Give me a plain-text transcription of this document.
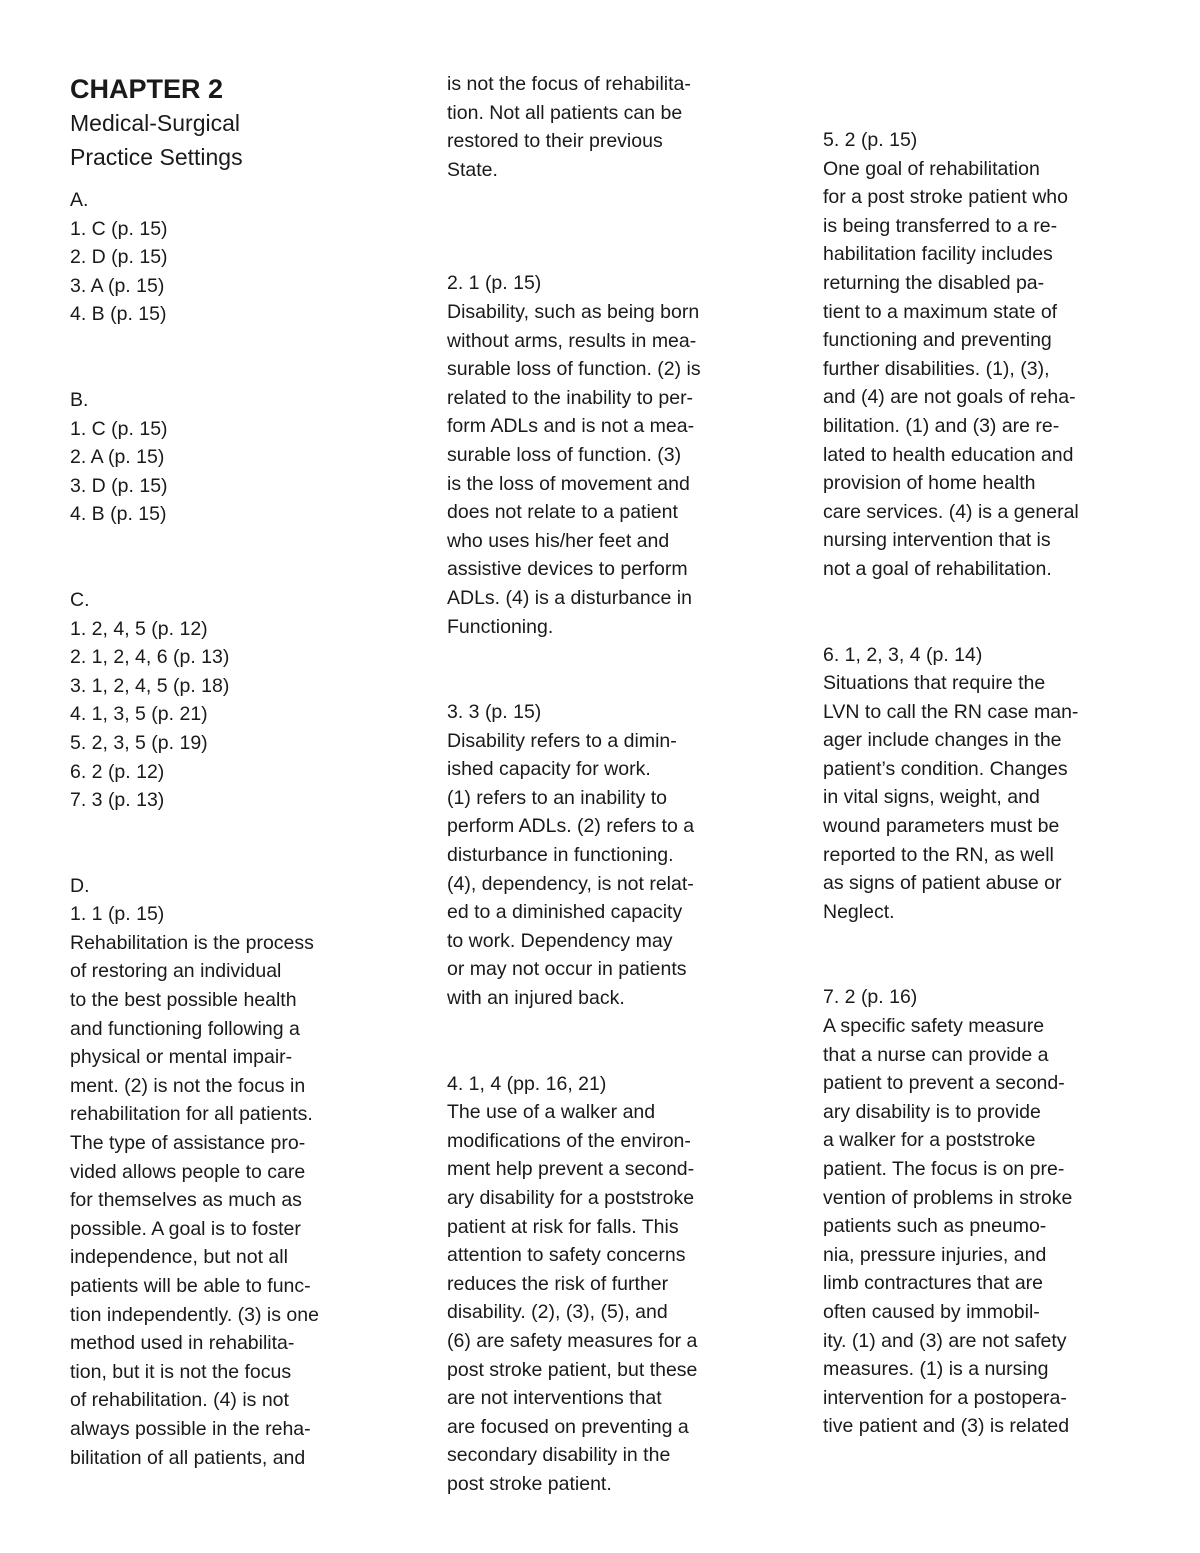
CHAPTER 2
Medical-Surgical
Practice Settings
A.
1. C (p. 15)
2. D (p. 15)
3. A (p. 15)
4. B (p. 15)
B.
1. C (p. 15)
2. A (p. 15)
3. D (p. 15)
4. B (p. 15)
C.
1. 2, 4, 5 (p. 12)
2. 1, 2, 4, 6 (p. 13)
3. 1, 2, 4, 5 (p. 18)
4. 1, 3, 5 (p. 21)
5. 2, 3, 5 (p. 19)
6. 2 (p. 12)
7. 3 (p. 13)
D.
1. 1 (p. 15)
Rehabilitation is the process
of restoring an individual
to the best possible health
and functioning following a
physical or mental impair-
ment. (2) is not the focus in
rehabilitation for all patients.
The type of assistance pro-
vided allows people to care
for themselves as much as
possible. A goal is to foster
independence, but not all
patients will be able to func-
tion independently. (3) is one
method used in rehabilita-
tion, but it is not the focus
of rehabilitation. (4) is not
always possible in the reha-
bilitation of all patients, and
is not the focus of rehabilita-
tion. Not all patients can be
restored to their previous
State.
2. 1 (p. 15)
Disability, such as being born
without arms, results in mea-
surable loss of function. (2) is
related to the inability to per-
form ADLs and is not a mea-
surable loss of function. (3)
is the loss of movement and
does not relate to a patient
who uses his/her feet and
assistive devices to perform
ADLs. (4) is a disturbance in
Functioning.
3. 3 (p. 15)
Disability refers to a dimin-
ished capacity for work.
(1) refers to an inability to
perform ADLs. (2) refers to a
disturbance in functioning.
(4), dependency, is not relat-
ed to a diminished capacity
to work. Dependency may
or may not occur in patients
with an injured back.
4. 1, 4 (pp. 16, 21)
The use of a walker and
modifications of the environ-
ment help prevent a second-
ary disability for a poststroke
patient at risk for falls. This
attention to safety concerns
reduces the risk of further
disability. (2), (3), (5), and
(6) are safety measures for a
post stroke patient, but these
are not interventions that
are focused on preventing a
secondary disability in the
post stroke patient.
5. 2 (p. 15)
One goal of rehabilitation
for a post stroke patient who
is being transferred to a re-
habilitation facility includes
returning the disabled pa-
tient to a maximum state of
functioning and preventing
further disabilities. (1), (3),
and (4) are not goals of reha-
bilitation. (1) and (3) are re-
lated to health education and
provision of home health
care services. (4) is a general
nursing intervention that is
not a goal of rehabilitation.
6. 1, 2, 3, 4 (p. 14)
Situations that require the
LVN to call the RN case man-
ager include changes in the
patient’s condition. Changes
in vital signs, weight, and
wound parameters must be
reported to the RN, as well
as signs of patient abuse or
Neglect.
7. 2 (p. 16)
A specific safety measure
that a nurse can provide a
patient to prevent a second-
ary disability is to provide
a walker for a poststroke
patient. The focus is on pre-
vention of problems in stroke
patients such as pneumo-
nia, pressure injuries, and
limb contractures that are
often caused by immobil-
ity. (1) and (3) are not safety
measures. (1) is a nursing
intervention for a postopera-
tive patient and (3) is related
